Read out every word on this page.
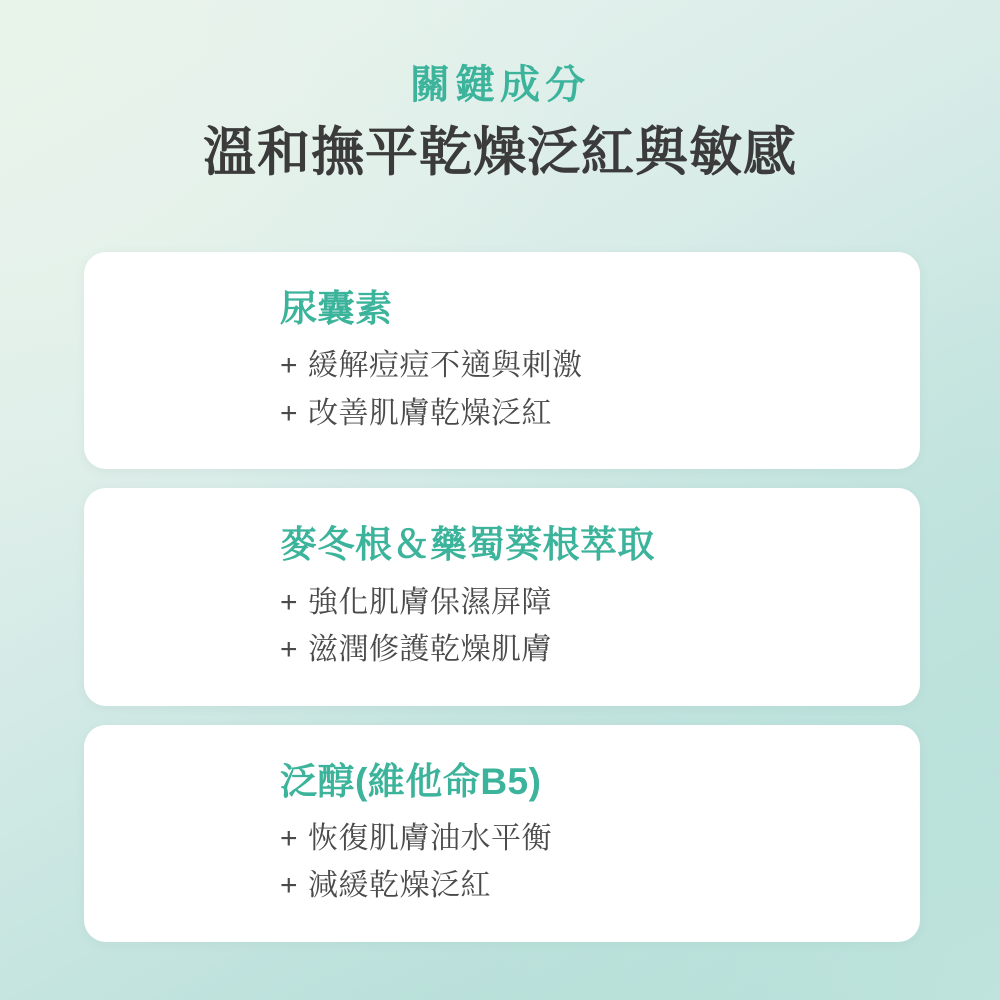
關鍵成分
溫和撫平乾燥泛紅與敏感
尿囊素
+ 緩解痘痘不適與刺激
+ 改善肌膚乾燥泛紅
麥冬根＆藥蜀葵根萃取
+ 強化肌膚保濕屏障
+ 滋潤修護乾燥肌膚
泛醇(維他命B5)
+ 恢復肌膚油水平衡
+ 減緩乾燥泛紅
